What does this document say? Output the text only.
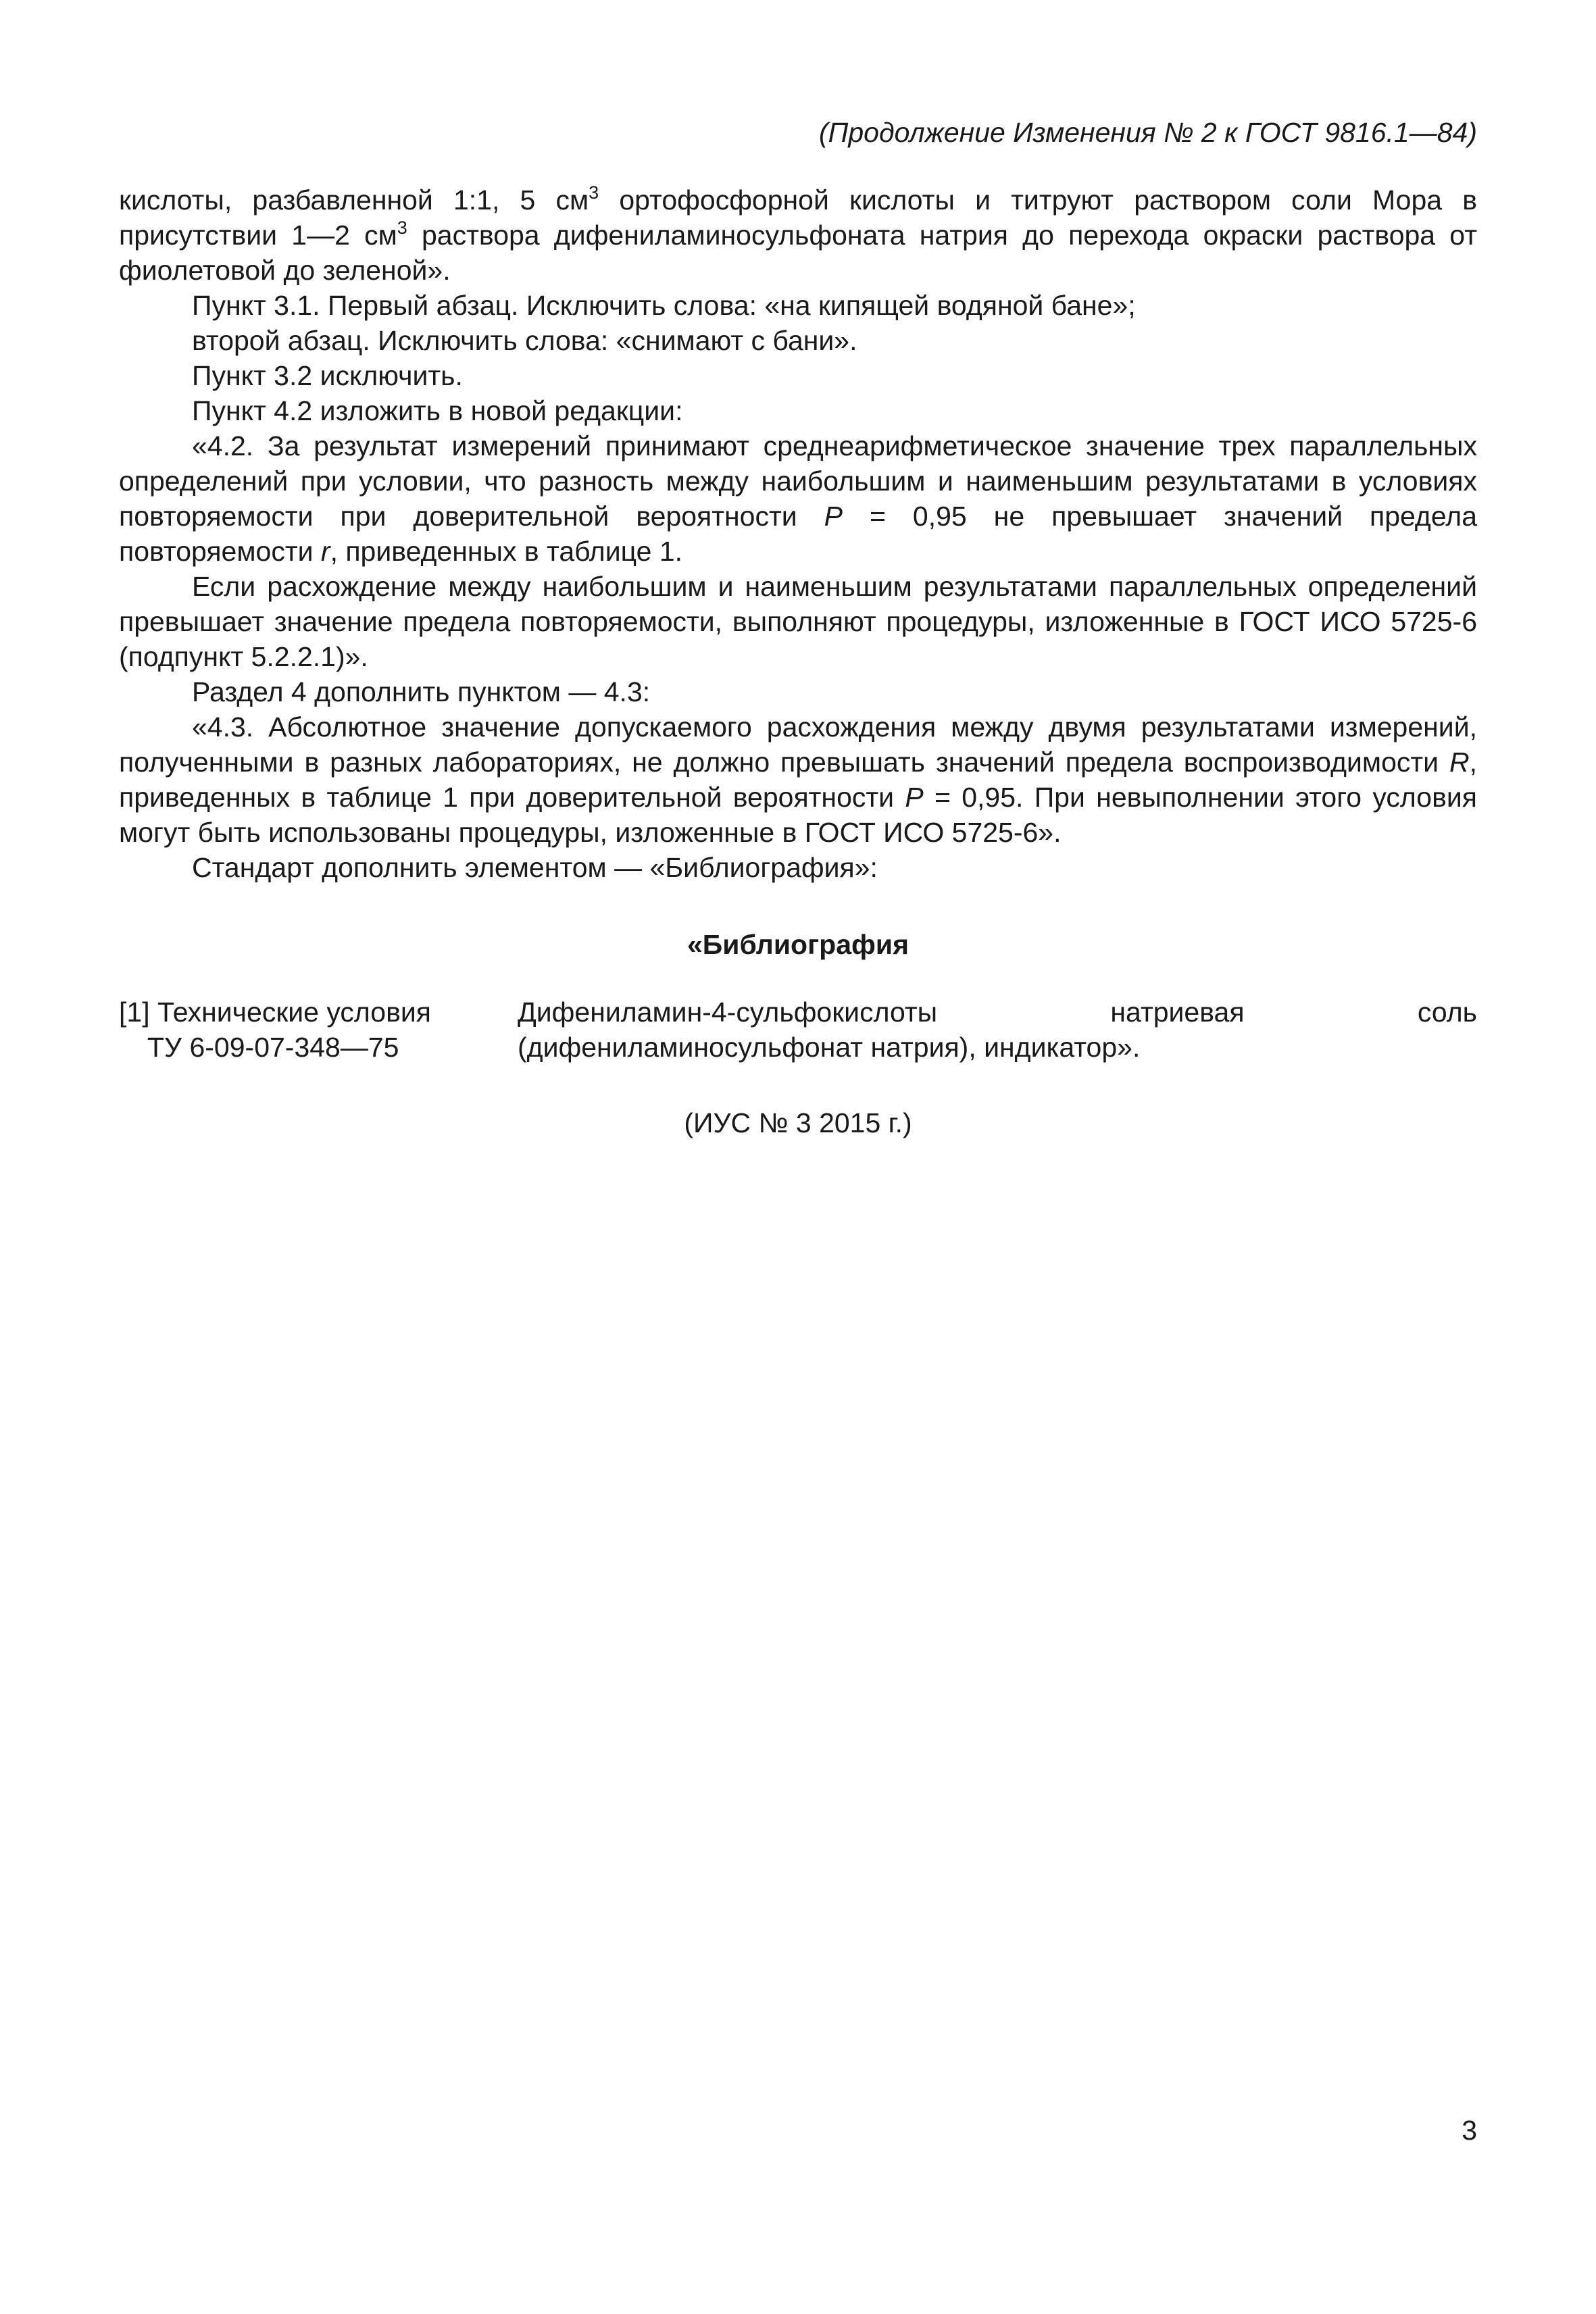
(Продолжение Изменения № 2 к ГОСТ 9816.1—84)

кислоты, разбавленной 1:1, 5 $см^3$ ортофосфорной кислоты и титруют раствором соли Мора в присутствии 1—2 $см^3$ раствора дифениламиносульфоната натрия до перехода окраски раствора от фиолетовой до зеленой».

Пункт 3.1. Первый абзац. Исключить слова: «на кипящей водяной бане»;

второй абзац. Исключить слова: «снимают с бани».

Пункт 3.2 исключить.

Пункт 4.2 изложить в новой редакции:

«4.2. За результат измерений принимают среднеарифметическое значение трех параллельных определений при условии, что разность между наибольшим и наименьшим результатами в условиях повторяемости при доверительной вероятности P = 0,95 не превышает значений предела повторяемости r, приведенных в таблице 1.

Если расхождение между наибольшим и наименьшим результатами параллельных определений превышает значение предела повторяемости, выполняют процедуры, изложенные в ГОСТ ИСО 5725-6 (подпункт 5.2.2.1)».

Раздел 4 дополнить пунктом — 4.3:

«4.3. Абсолютное значение допускаемого расхождения между двумя результатами измерений, полученными в разных лабораториях, не должно превышать значений предела воспроизводимости R, приведенных в таблице 1 при доверительной вероятности P = 0,95. При невыполнении этого условия могут быть использованы процедуры, изложенные в ГОСТ ИСО 5725-6».

Стандарт дополнить элементом — «Библиография»:

«Библиография
[1] Технические условия
ТУ 6-09-07-348—75
Дифениламин-4-сульфокислоты натриевая соль (дифениламиносульфонат натрия), индикатор».
(ИУС № 3 2015 г.)
3
